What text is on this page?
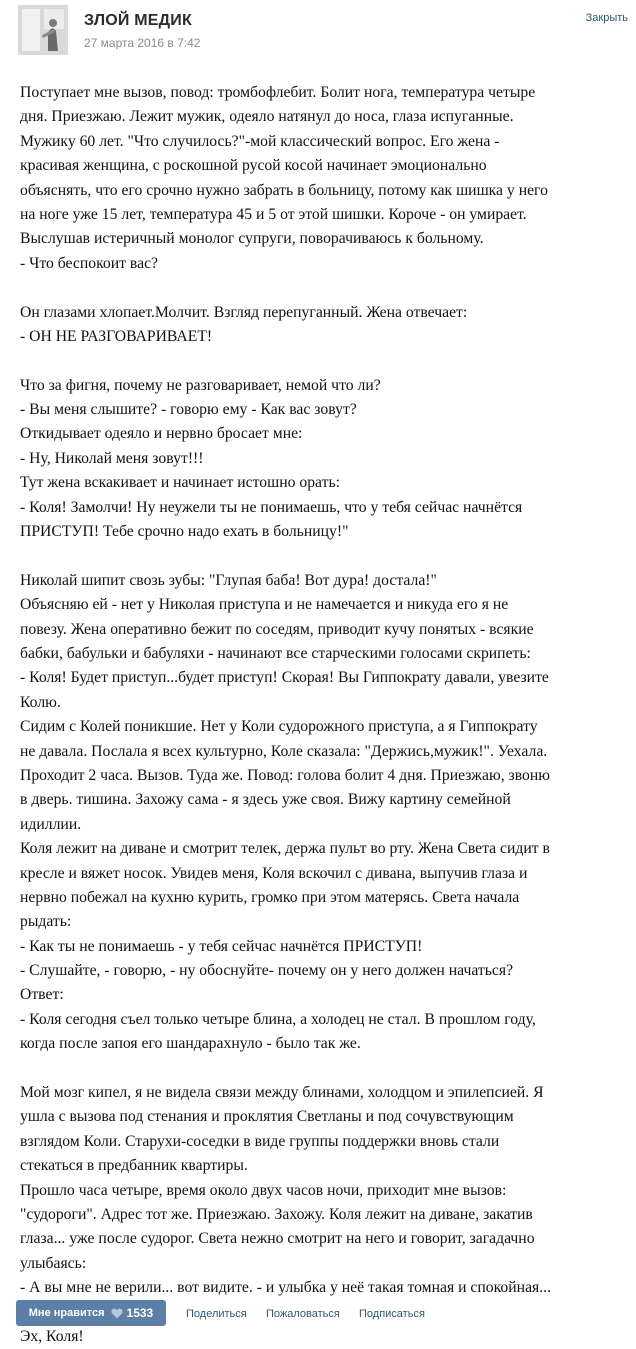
ЗЛОЙ МЕДИК
27 марта 2016 в 7:42
Закрыть
Поступает мне вызов, повод: тромбофлебит. Болит нога, температура четыре
дня. Приезжаю. Лежит мужик, одеяло натянул до носа, глаза испуганные.
Мужику 60 лет. "Что случилось?"-мой классический вопрос. Его жена -
красивая женщина, с роскошной русой косой начинает эмоционально
объяснять, что его срочно нужно забрать в больницу, потому как шишка у него
на ноге уже 15 лет, температура 45 и 5 от этой шишки. Короче - он умирает.
Выслушав истеричный монолог супруги, поворачиваюсь к больному.
- Что беспокоит вас?
Он глазами хлопает.Молчит. Взгляд перепуганный. Жена отвечает:
- ОН НЕ РАЗГОВАРИВАЕТ!
Что за фигня, почему не разговаривает, немой что ли?
- Вы меня слышите? - говорю ему - Как вас зовут?
Откидывает одеяло и нервно бросает мне:
- Ну, Николай меня зовут!!!
Тут жена вскакивает и начинает истошно орать:
- Коля! Замолчи! Ну неужели ты не понимаешь, что у тебя сейчас начнётся
ПРИСТУП! Тебе срочно надо ехать в больницу!"
Николай шипит свозь зубы: "Глупая баба! Вот дура! достала!"
Объясняю ей - нет у Николая приступа и не намечается и никуда его я не
повезу. Жена оперативно бежит по соседям, приводит кучу понятых - всякие
бабки, бабульки и бабуляхи - начинают все старческими голосами скрипеть:
- Коля! Будет приступ...будет приступ! Скорая! Вы Гиппократу давали, увезите
Колю.
Сидим с Колей поникшие. Нет у Коли судорожного приступа, а я Гиппократу
не давала. Послала я всех культурно, Коле сказала: "Держись,мужик!". Уехала.
Проходит 2 часа. Вызов. Туда же. Повод: голова болит 4 дня. Приезжаю, звоню
в дверь. тишина. Захожу сама - я здесь уже своя. Вижу картину семейной
идиллии.
Коля лежит на диване и смотрит телек, держа пульт во рту. Жена Света сидит в
кресле и вяжет носок. Увидев меня, Коля вскочил с дивана, выпучив глаза и
нервно побежал на кухню курить, громко при этом матерясь. Света начала
рыдать:
- Как ты не понимаешь - у тебя сейчас начнётся ПРИСТУП!
- Слушайте, - говорю, - ну обоснуйте- почему он у него должен начаться?
Ответ:
- Коля сегодня съел только четыре блина, а холодец не стал. В прошлом году,
когда после запоя его шандарахнуло - было так же.
Мой мозг кипел, я не видела связи между блинами, холодцом и эпилепсией. Я
ушла с вызова под стенания и проклятия Светланы и под сочувствующим
взглядом Коли. Старухи-соседки в виде группы поддержки вновь стали
стекаться в предбанник квартиры.
Прошло часа четыре, время около двух часов ночи, приходит мне вызов:
"судороги". Адрес тот же. Приезжаю. Захожу. Коля лежит на диване, закатив
глаза... уже после судорог. Света нежно смотрит на него и говорит, загадачно
улыбаясь:
- А вы мне не верили... вот видите. - и улыбка у неё такая томная и спокойная...
Эх, Коля!
Мне нравится 1533	Поделиться Пожаловаться Подписаться
